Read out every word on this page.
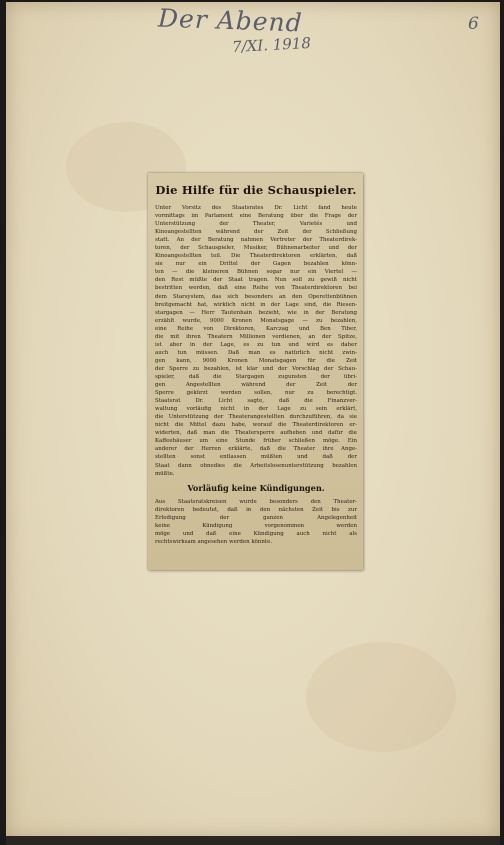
Der Abend
7/XI. 1918
6
Die Hilfe für die Schauspieler.
Unter Vorsitz des Staatsrates Dr. Licht fand heute
vormittags im Parlament eine Beratung über die Frage der
Unterstützung der Theater, Varietés und
Kinoangestellten während der Zeit der Schließung
statt. An der Beratung nahmen Vertreter der Theaterdirek-
toren, der Schauspieler, Musiker, Bühnenarbeiter und der
Kinoangestellten teil. Die Theaterdirektoren erklärten, daß
sie nur ein Drittel der Gagen bezahlen könn-
ten — die kleineren Bühnen sogar nur ein Viertel —
den Rest müßte der Staat tragen. Nun soll zu gewiß nicht
bestritten werden, daß eine Reihe von Theaterdirektoren bei
dem Starsystem, das sich besonders an den Operettenbühnen
breitgemacht hat, wirklich nicht in der Lage sind, die Riesen-
stargagen — Herr Tautenhain bezieht, wie in der Beratung
erzählt wurde, 9000 Kronen Monatsgage — zu bezahlen,
eine Reihe von Direktoren, Karczag und Ben Tiber,
die mit ihren Theatern Millionen verdienen, an der Spitze,
ist aber in der Lage, es zu tun und wird es daher
auch tun müssen. Daß man es natürlich nicht zwin-
gen kann, 9000 Kronen Monatsgagen für die Zeit
der Sperre zu bezahlen, ist klar und der Vorschlag der Schau-
spieler, daß die Stargagen zugunsten der übri-
gen Angestellten während der Zeit der
Sperre gekürzt werden sollen, nur zu berechtigt.
Staatsrat Dr. Licht sagte, daß die Finanzver-
waltung vorläufig nicht in der Lage zu sein erklärt,
die Unterstützung der Theaterangestellten durchzuführen, da sie
nicht die Mittel dazu habe, worauf die Theaterdirektoren er-
widerten, daß man die Theatersperre aufheben und dafür die
Kaffeehäuser um eine Stunde früher schließen möge. Ein
anderer der Herren erklärte, daß die Theater ihre Ange-
stellten sonst entlassen müßten und daß der
Staat dann ohnedies die Arbeitslosenunterstützung bezahlen
müßte.
Vorläufig keine Kündigungen.
Aus Staatsratskreisen wurde besonders den Theater-
direktoren bedeutet, daß in den nächsten Zeit bis zur
Erledigung der ganzen Angelegenheit
keine Kündigung vorgenommen werden
möge und daß eine Kündigung auch nicht als
rechtswirksam angesehen werden könnte.
